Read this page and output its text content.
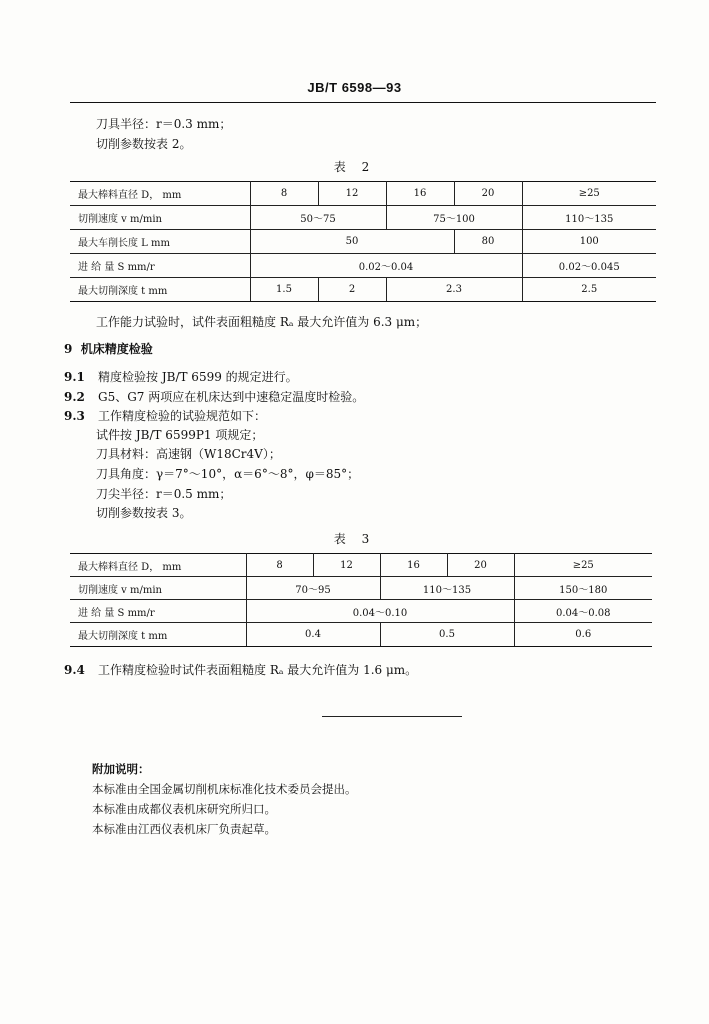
JB/T 6598—93
刀具半径：r＝0.3 mm；
切削参数按表 2。
表 2
最大棒料直径 D， mm	8	12	16	20	≥25
切削速度 v m/min	50～75		75～100		110～135
最大车削长度 L mm	50			80	100
进 给 量 S mm/r	0.02～0.04				0.02～0.045
最大切削深度 t mm	1.5	2	2.3		2.5
工作能力试验时，试件表面粗糙度 Rₐ 最大允许值为 6.3 μm；
9 机床精度检验
9.1 精度检验按 JB/T 6599 的规定进行。
9.2 G5、G7 两项应在机床达到中速稳定温度时检验。
9.3 工作精度检验的试验规范如下：
试件按 JB/T 6599P1 项规定；
刀具材料：高速钢（W18Cr4V）；
刀具角度：γ＝7°～10°，α＝6°～8°，φ＝85°；
刀尖半径：r＝0.5 mm；
切削参数按表 3。
表 3
最大棒料直径 D， mm	8	12	16	20	≥25
切削速度 v m/min	70～95		110～135		150～180
进 给 量 S mm/r	0.04～0.10				0.04～0.08
最大切削深度 t mm	0.4		0.5		0.6
9.4 工作精度检验时试件表面粗糙度 Rₐ 最大允许值为 1.6 μm。
附加说明：
本标准由全国金属切削机床标准化技术委员会提出。
本标准由成都仪表机床研究所归口。
本标准由江西仪表机床厂负责起草。
